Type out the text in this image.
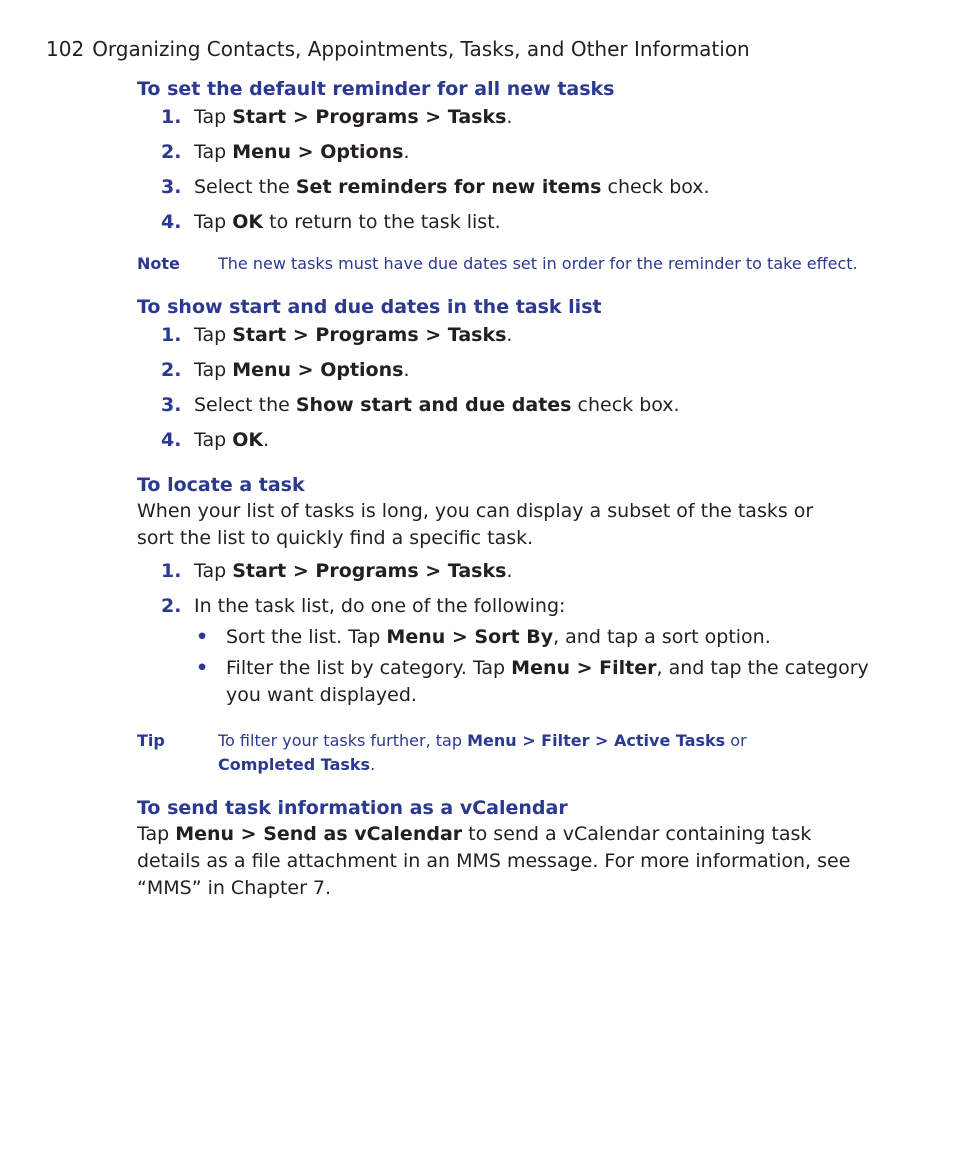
102 Organizing Contacts, Appointments, Tasks, and Other Information
To set the default reminder for all new tasks
1. Tap Start > Programs > Tasks.
2. Tap Menu > Options.
3. Select the Set reminders for new items check box.
4. Tap OK to return to the task list.
Note	The new tasks must have due dates set in order for the reminder to take effect.
To show start and due dates in the task list
1. Tap Start > Programs > Tasks.
2. Tap Menu > Options.
3. Select the Show start and due dates check box.
4. Tap OK.
To locate a task

When your list of tasks is long, you can display a subset of the tasks or sort the list to quickly find a specific task.

1. Tap Start > Programs > Tasks.
2. In the task list, do one of the following:
• Sort the list. Tap Menu > Sort By, and tap a sort option.
• Filter the list by category. Tap Menu > Filter, and tap the category you want displayed.
Tip	To filter your tasks further, tap Menu > Filter > Active Tasks or Completed Tasks.
To send task information as a vCalendar

Tap Menu > Send as vCalendar to send a vCalendar containing task details as a file attachment in an MMS message. For more information, see “MMS” in Chapter 7.
